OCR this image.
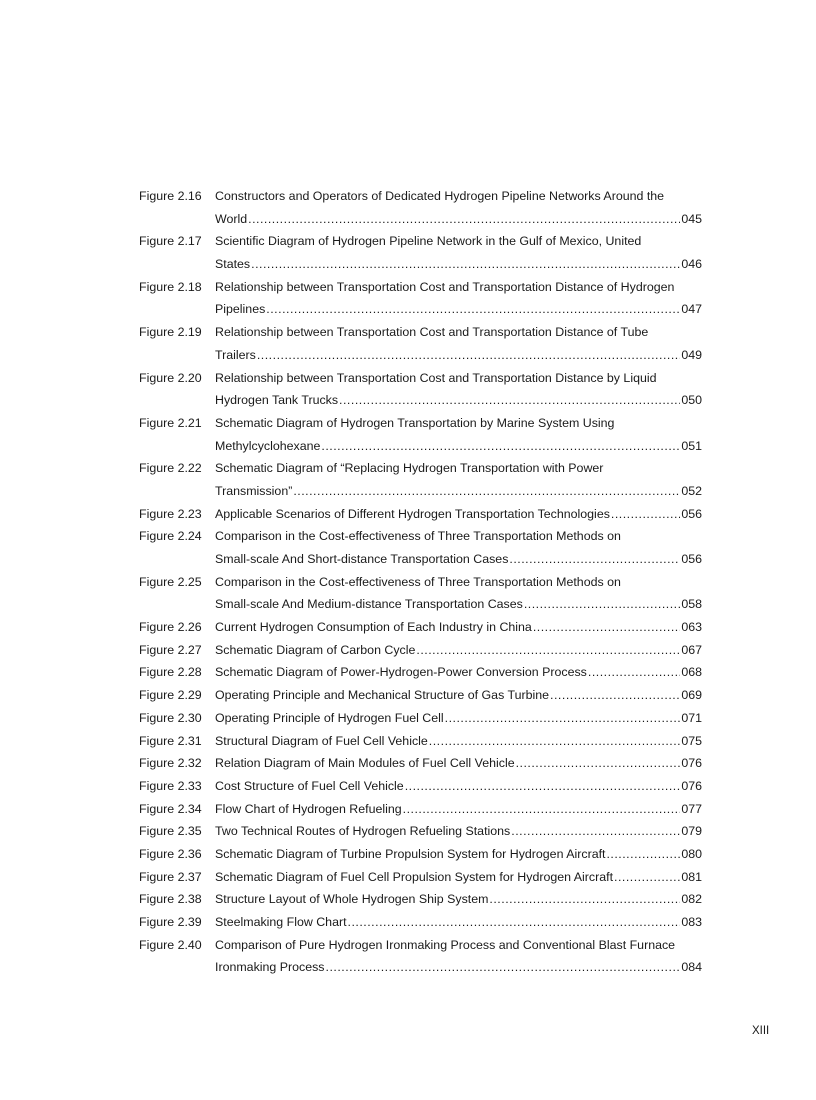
Figure 2.16	Constructors and Operators of Dedicated Hydrogen Pipeline Networks Around the
World .....	045
Figure 2.17	Scientific Diagram of Hydrogen Pipeline Network in the Gulf of Mexico, United
States .....	046
Figure 2.18	Relationship between Transportation Cost and Transportation Distance of Hydrogen
Pipelines .....	047
Figure 2.19	Relationship between Transportation Cost and Transportation Distance of Tube
Trailers .....	049
Figure 2.20	Relationship between Transportation Cost and Transportation Distance by Liquid
Hydrogen Tank Trucks .....	050
Figure 2.21	Schematic Diagram of Hydrogen Transportation by Marine System Using
Methylcyclohexane .....	051
Figure 2.22	Schematic Diagram of “Replacing Hydrogen Transportation with Power
Transmission” .....	052
Figure 2.23	Applicable Scenarios of Different Hydrogen Transportation Technologies .....	056
Figure 2.24	Comparison in the Cost-effectiveness of Three Transportation Methods on
Small-scale And Short-distance Transportation Cases .....	056
Figure 2.25	Comparison in the Cost-effectiveness of Three Transportation Methods on
Small-scale And Medium-distance Transportation Cases .....	058
Figure 2.26	Current Hydrogen Consumption of Each Industry in China .....	063
Figure 2.27	Schematic Diagram of Carbon Cycle .....	067
Figure 2.28	Schematic Diagram of Power-Hydrogen-Power Conversion Process .....	068
Figure 2.29	Operating Principle and Mechanical Structure of Gas Turbine .....	069
Figure 2.30	Operating Principle of Hydrogen Fuel Cell .....	071
Figure 2.31	Structural Diagram of Fuel Cell Vehicle .....	075
Figure 2.32	Relation Diagram of Main Modules of Fuel Cell Vehicle .....	076
Figure 2.33	Cost Structure of Fuel Cell Vehicle .....	076
Figure 2.34	Flow Chart of Hydrogen Refueling .....	077
Figure 2.35	Two Technical Routes of Hydrogen Refueling Stations .....	079
Figure 2.36	Schematic Diagram of Turbine Propulsion System for Hydrogen Aircraft .....	080
Figure 2.37	Schematic Diagram of Fuel Cell Propulsion System for Hydrogen Aircraft .....	081
Figure 2.38	Structure Layout of Whole Hydrogen Ship System .....	082
Figure 2.39	Steelmaking Flow Chart .....	083
Figure 2.40	Comparison of Pure Hydrogen Ironmaking Process and Conventional Blast Furnace
Ironmaking Process .....	084
XIII
